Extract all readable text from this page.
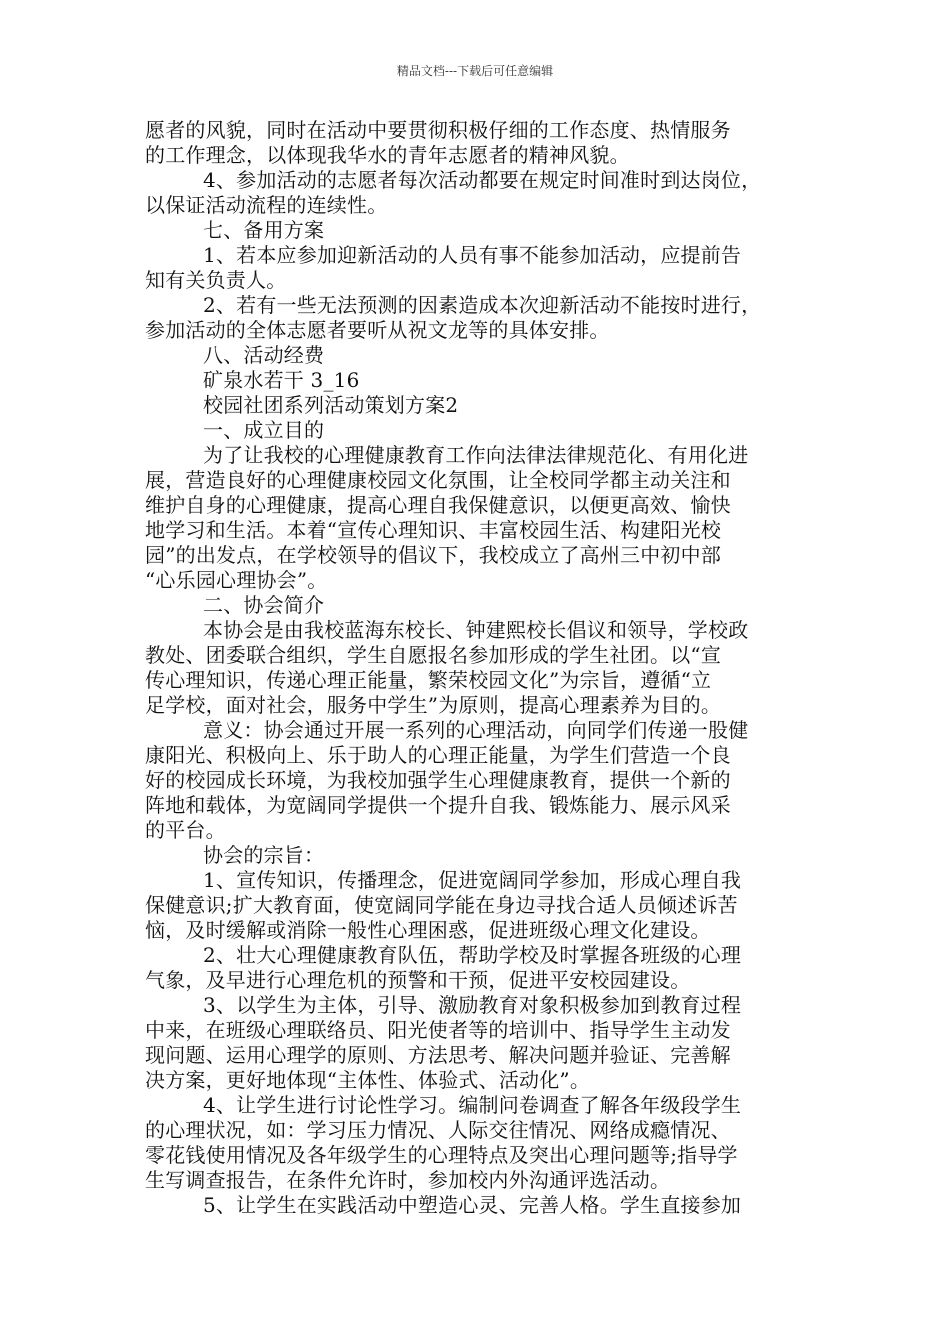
精品文档---下载后可任意编辑
愿者的风貌，同时在活动中要贯彻积极仔细的工作态度、热情服务
的工作理念，以体现我华水的青年志愿者的精神风貌。
4、参加活动的志愿者每次活动都要在规定时间准时到达岗位，
以保证活动流程的连续性。
七、备用方案
1、若本应参加迎新活动的人员有事不能参加活动，应提前告
知有关负责人。
2、若有一些无法预测的因素造成本次迎新活动不能按时进行，
参加活动的全体志愿者要听从祝文龙等的具体安排。
八、活动经费
矿泉水若干 3_16
校园社团系列活动策划方案2
一、成立目的
为了让我校的心理健康教育工作向法律法律规范化、有用化进
展，营造良好的心理健康校园文化氛围，让全校同学都主动关注和
维护自身的心理健康，提高心理自我保健意识，以便更高效、愉快
地学习和生活。本着“宣传心理知识、丰富校园生活、构建阳光校
园”的出发点，在学校领导的倡议下，我校成立了高州三中初中部
“心乐园心理协会”。
二、协会简介
本协会是由我校蓝海东校长、钟建熙校长倡议和领导，学校政
教处、团委联合组织，学生自愿报名参加形成的学生社团。以“宣
传心理知识，传递心理正能量，繁荣校园文化”为宗旨，遵循“立
足学校，面对社会，服务中学生”为原则，提高心理素养为目的。
意义：协会通过开展一系列的心理活动，向同学们传递一股健
康阳光、积极向上、乐于助人的心理正能量，为学生们营造一个良
好的校园成长环境，为我校加强学生心理健康教育，提供一个新的
阵地和载体，为宽阔同学提供一个提升自我、锻炼能力、展示风采
的平台。
协会的宗旨：
1、宣传知识，传播理念，促进宽阔同学参加，形成心理自我
保健意识;扩大教育面，使宽阔同学能在身边寻找合适人员倾述诉苦
恼，及时缓解或消除一般性心理困惑，促进班级心理文化建设。
2、壮大心理健康教育队伍，帮助学校及时掌握各班级的心理
气象，及早进行心理危机的预警和干预，促进平安校园建设。
3、以学生为主体，引导、激励教育对象积极参加到教育过程
中来，在班级心理联络员、阳光使者等的培训中、指导学生主动发
现问题、运用心理学的原则、方法思考、解决问题并验证、完善解
决方案，更好地体现“主体性、体验式、活动化”。
4、让学生进行讨论性学习。编制问卷调查了解各年级段学生
的心理状况，如：学习压力情况、人际交往情况、网络成瘾情况、
零花钱使用情况及各年级学生的心理特点及突出心理问题等;指导学
生写调查报告，在条件允许时，参加校内外沟通评选活动。
5、让学生在实践活动中塑造心灵、完善人格。学生直接参加
